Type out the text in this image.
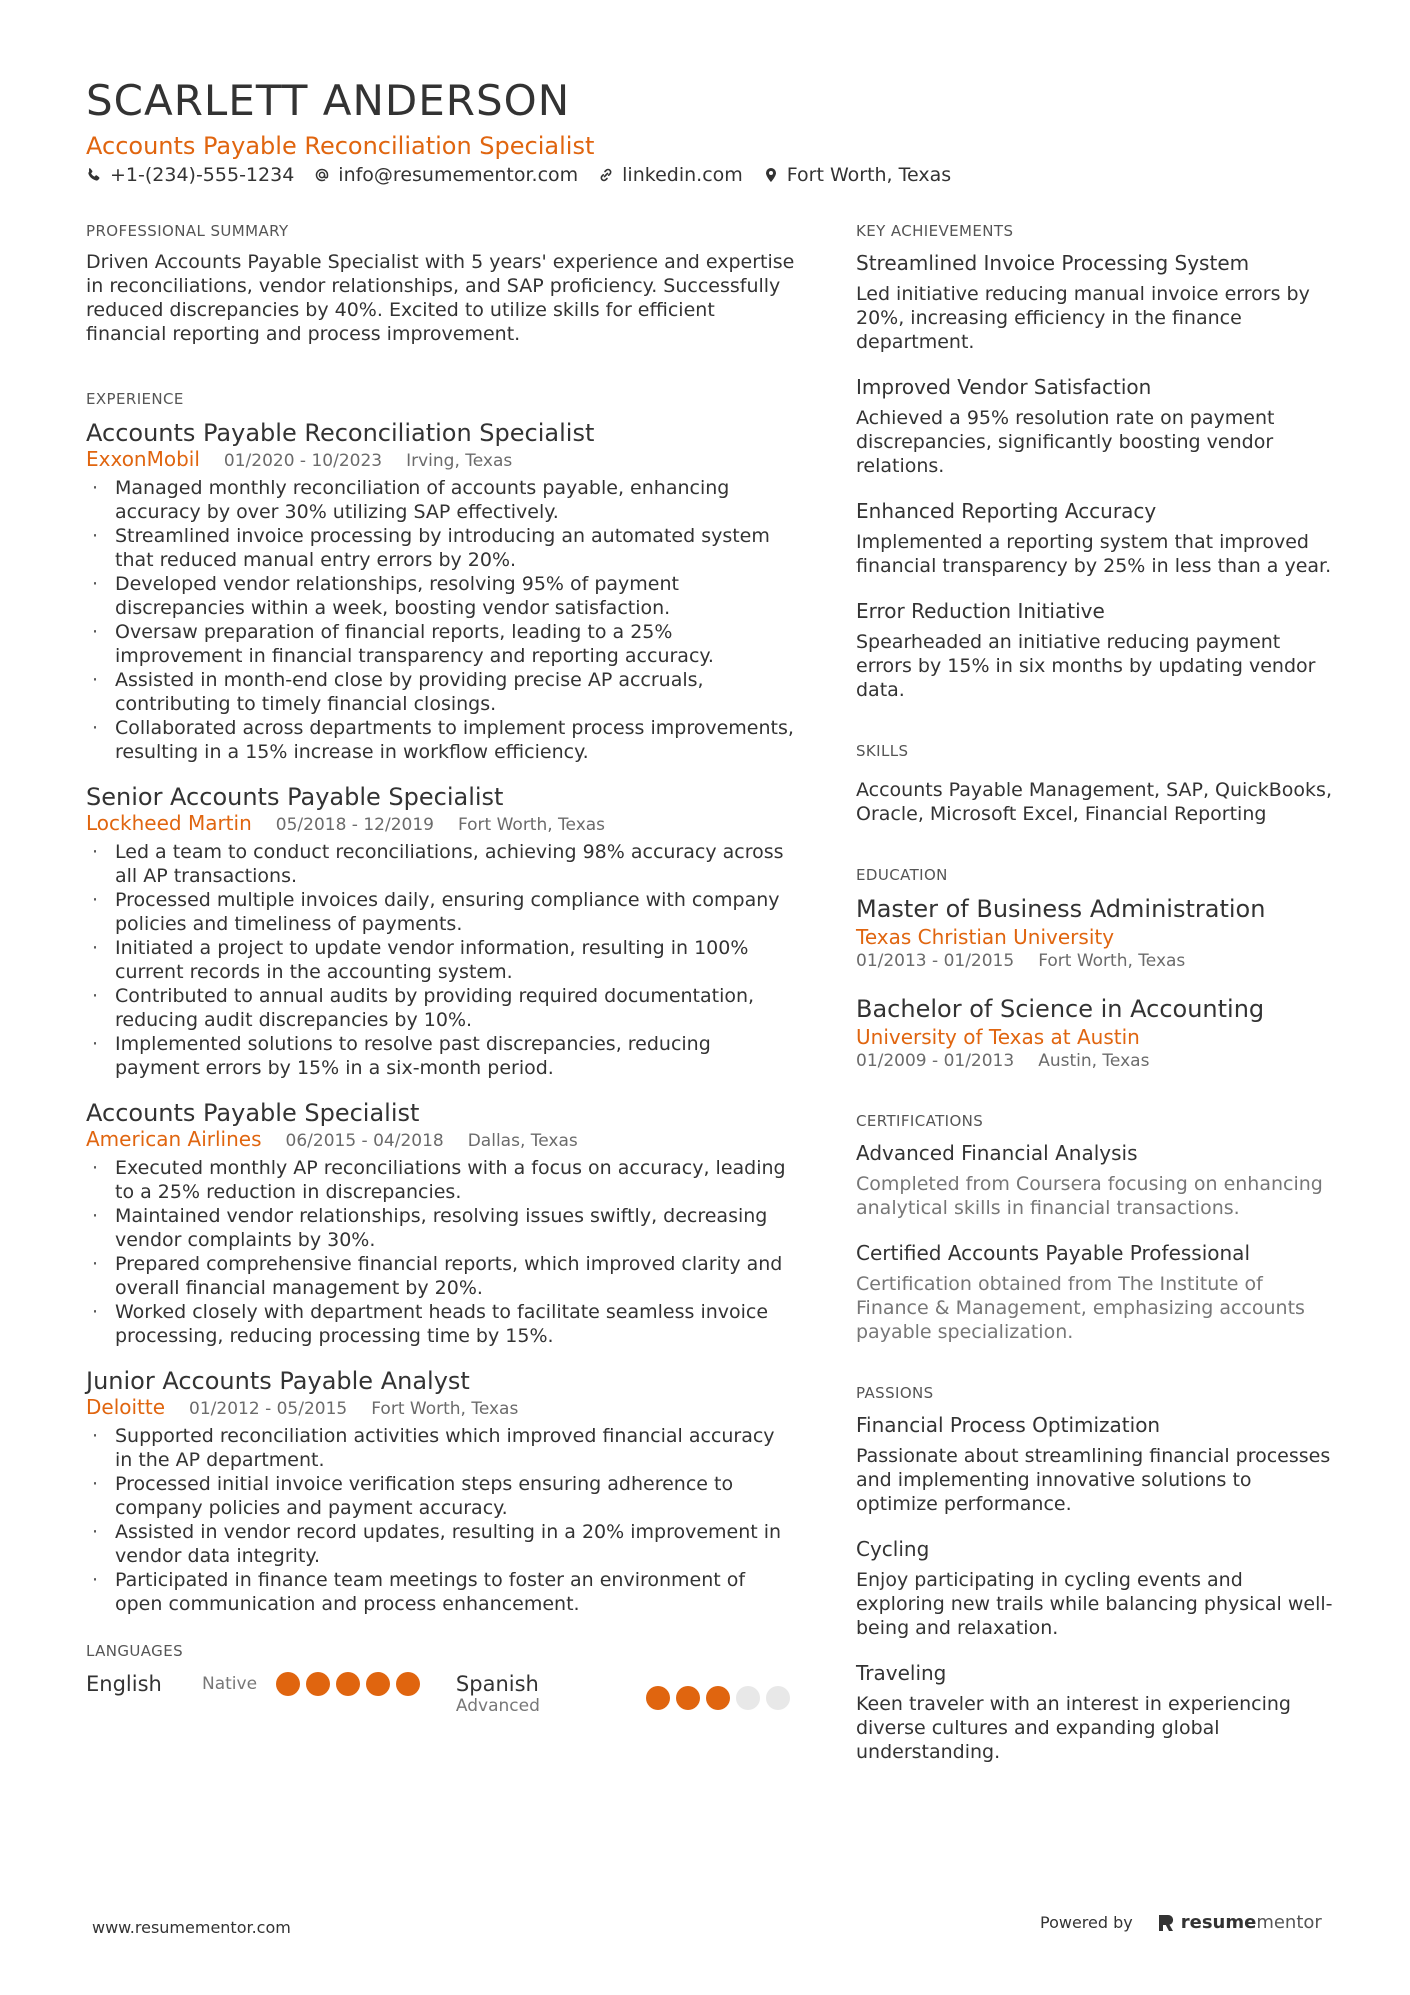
SCARLETT ANDERSON
Accounts Payable Reconciliation Specialist
+1-(234)-555-1234 info@resumementor.com linkedin.com Fort Worth, Texas
PROFESSIONAL SUMMARY

Driven Accounts Payable Specialist with 5 years' experience and expertise in reconciliations, vendor relationships, and SAP proficiency. Successfully reduced discrepancies by 40%. Excited to utilize skills for efficient financial reporting and process improvement.

EXPERIENCE
Accounts Payable Reconciliation Specialist
ExxonMobil 01/2020 - 10/2023 Irving, Texas
· Managed monthly reconciliation of accounts payable, enhancing accuracy by over 30% utilizing SAP effectively.
· Streamlined invoice processing by introducing an automated system that reduced manual entry errors by 20%.
· Developed vendor relationships, resolving 95% of payment discrepancies within a week, boosting vendor satisfaction.
· Oversaw preparation of financial reports, leading to a 25% improvement in financial transparency and reporting accuracy.
· Assisted in month-end close by providing precise AP accruals, contributing to timely financial closings.
· Collaborated across departments to implement process improvements, resulting in a 15% increase in workflow efficiency.
Senior Accounts Payable Specialist
Lockheed Martin 05/2018 - 12/2019 Fort Worth, Texas
· Led a team to conduct reconciliations, achieving 98% accuracy across all AP transactions.
· Processed multiple invoices daily, ensuring compliance with company policies and timeliness of payments.
· Initiated a project to update vendor information, resulting in 100% current records in the accounting system.
· Contributed to annual audits by providing required documentation, reducing audit discrepancies by 10%.
· Implemented solutions to resolve past discrepancies, reducing payment errors by 15% in a six-month period.
Accounts Payable Specialist
American Airlines 06/2015 - 04/2018 Dallas, Texas
· Executed monthly AP reconciliations with a focus on accuracy, leading to a 25% reduction in discrepancies.
· Maintained vendor relationships, resolving issues swiftly, decreasing vendor complaints by 30%.
· Prepared comprehensive financial reports, which improved clarity and overall financial management by 20%.
· Worked closely with department heads to facilitate seamless invoice processing, reducing processing time by 15%.
Junior Accounts Payable Analyst
Deloitte 01/2012 - 05/2015 Fort Worth, Texas
· Supported reconciliation activities which improved financial accuracy in the AP department.
· Processed initial invoice verification steps ensuring adherence to company policies and payment accuracy.
· Assisted in vendor record updates, resulting in a 20% improvement in vendor data integrity.
· Participated in finance team meetings to foster an environment of open communication and process enhancement.
LANGUAGES
English	Native	Spanish
Advanced
KEY ACHIEVEMENTS
Streamlined Invoice Processing System

Led initiative reducing manual invoice errors by 20%, increasing efficiency in the finance department.

Improved Vendor Satisfaction

Achieved a 95% resolution rate on payment discrepancies, significantly boosting vendor relations.

Enhanced Reporting Accuracy

Implemented a reporting system that improved financial transparency by 25% in less than a year.

Error Reduction Initiative

Spearheaded an initiative reducing payment errors by 15% in six months by updating vendor data.

SKILLS

Accounts Payable Management, SAP, QuickBooks, Oracle, Microsoft Excel, Financial Reporting

EDUCATION
Master of Business Administration
Texas Christian University
01/2013 - 01/2015 Fort Worth, Texas
Bachelor of Science in Accounting
University of Texas at Austin
01/2009 - 01/2013 Austin, Texas
CERTIFICATIONS
Advanced Financial Analysis
Completed from Coursera focusing on enhancing analytical skills in financial transactions.
Certified Accounts Payable Professional
Certification obtained from The Institute of Finance & Management, emphasizing accounts payable specialization.
PASSIONS
Financial Process Optimization

Passionate about streamlining financial processes and implementing innovative solutions to optimize performance.

Cycling

Enjoy participating in cycling events and exploring new trails while balancing physical well-being and relaxation.

Traveling

Keen traveler with an interest in experiencing diverse cultures and expanding global understanding.

www.resumementor.com	Powered by	resume mentor
